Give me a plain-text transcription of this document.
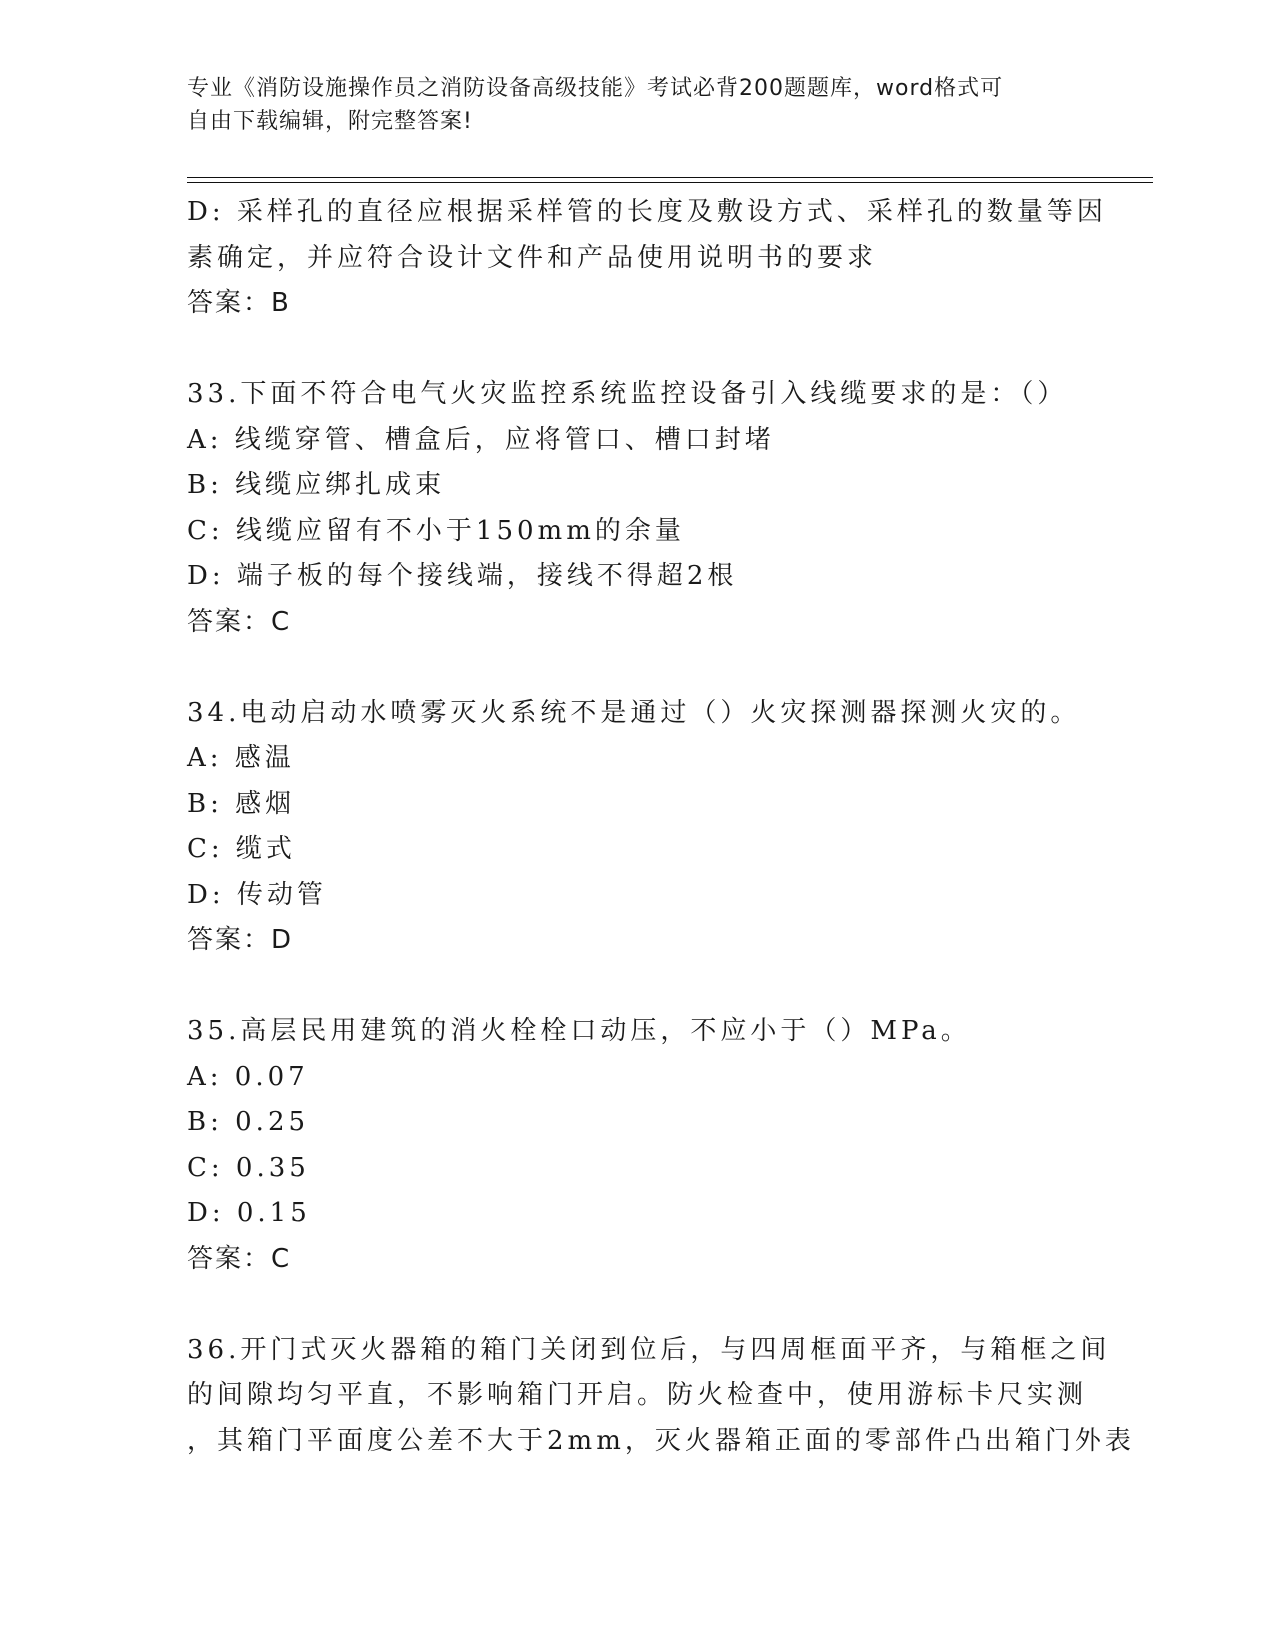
专业《消防设施操作员之消防设备高级技能》考试必背200题题库，word格式可
自由下载编辑，附完整答案!
D: 采样孔的直径应根据采样管的长度及敷设方式、采样孔的数量等因
素确定，并应符合设计文件和产品使用说明书的要求
答案：B
33.下面不符合电气火灾监控系统监控设备引入线缆要求的是：（）
A: 线缆穿管、槽盒后，应将管口、槽口封堵
B: 线缆应绑扎成束
C: 线缆应留有不小于150mm的余量
D: 端子板的每个接线端，接线不得超2根
答案：C
34.电动启动水喷雾灭火系统不是通过（）火灾探测器探测火灾的。
A: 感温
B: 感烟
C: 缆式
D: 传动管
答案：D
35.高层民用建筑的消火栓栓口动压，不应小于（）MPa。
A: 0.07
B: 0.25
C: 0.35
D: 0.15
答案：C
36.开门式灭火器箱的箱门关闭到位后，与四周框面平齐，与箱框之间
的间隙均匀平直，不影响箱门开启。防火检查中，使用游标卡尺实测
，其箱门平面度公差不大于2mm，灭火器箱正面的零部件凸出箱门外表
